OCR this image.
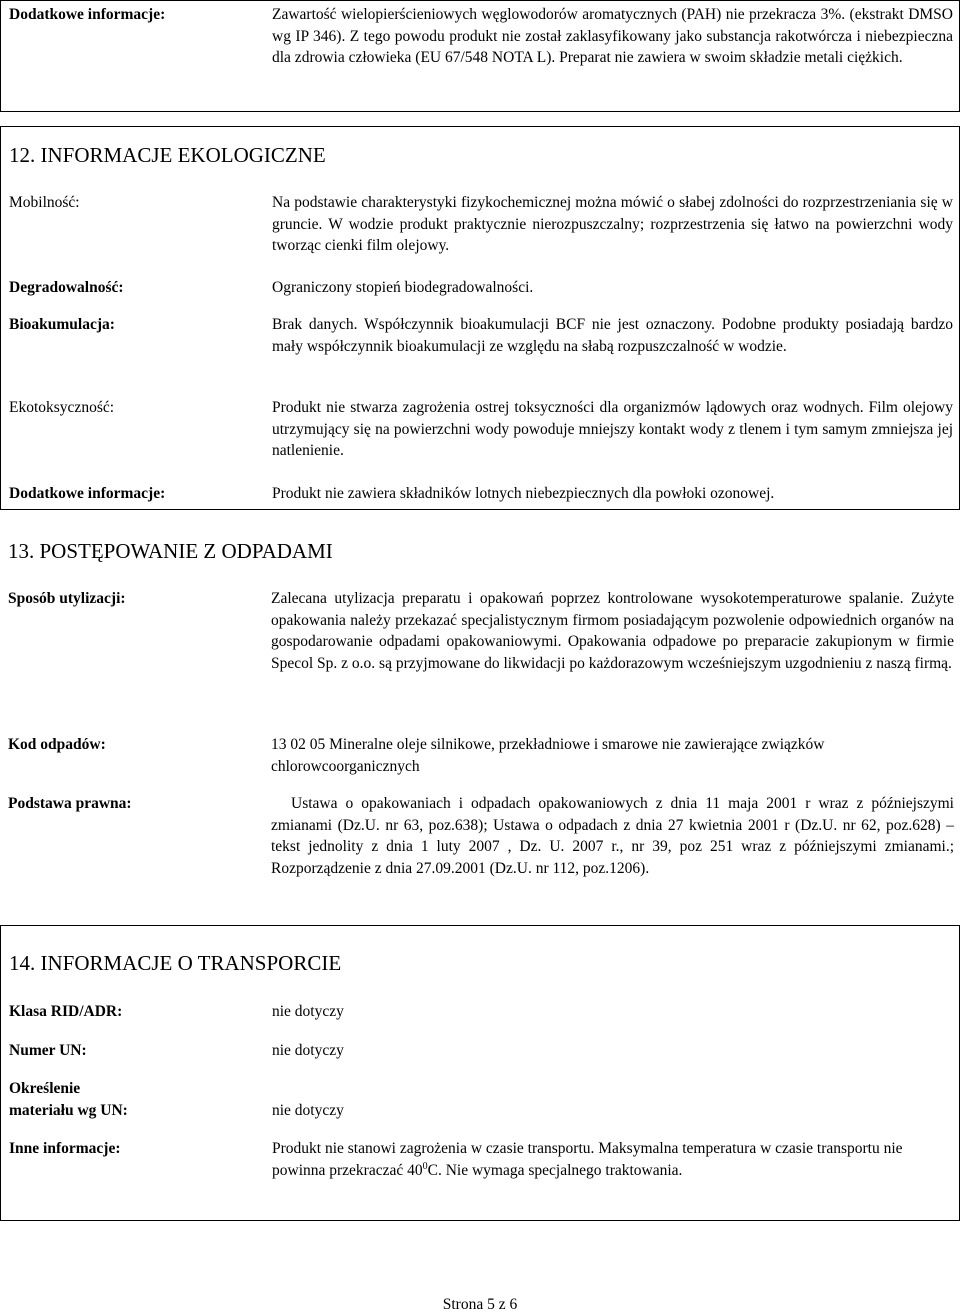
Dodatkowe informacje:	Zawartość wielopierścieniowych węglowodorów aromatycznych (PAH) nie przekracza 3%. (ekstrakt DMSO wg IP 346). Z tego powodu produkt nie został zaklasyfikowany jako substancja rakotwórcza i niebezpieczna dla zdrowia człowieka (EU 67/548 NOTA L). Preparat nie zawiera w swoim składzie metali ciężkich.
12. INFORMACJE EKOLOGICZNE
Mobilność:	Na podstawie charakterystyki fizykochemicznej można mówić o słabej zdolności do rozprzestrzeniania się w gruncie. W wodzie produkt praktycznie nierozpuszczalny; rozprzestrzenia się łatwo na powierzchni wody tworząc cienki film olejowy.
Degradowalność:	Ograniczony stopień biodegradowalności.
Bioakumulacja:	Brak danych. Współczynnik bioakumulacji BCF nie jest oznaczony. Podobne produkty posiadają bardzo mały współczynnik bioakumulacji ze względu na słabą rozpuszczalność w wodzie.
Ekotoksyczność:	Produkt nie stwarza zagrożenia ostrej toksyczności dla organizmów lądowych oraz wodnych. Film olejowy utrzymujący się na powierzchni wody powoduje mniejszy kontakt wody z tlenem i tym samym zmniejsza jej natlenienie.
Dodatkowe informacje:	Produkt nie zawiera składników lotnych niebezpiecznych dla powłoki ozonowej.
13. POSTĘPOWANIE Z ODPADAMI
Sposób utylizacji:	Zalecana utylizacja preparatu i opakowań poprzez kontrolowane wysokotemperaturowe spalanie. Zużyte opakowania należy przekazać specjalistycznym firmom posiadającym pozwolenie odpowiednich organów na gospodarowanie odpadami opakowaniowymi. Opakowania odpadowe po preparacie zakupionym w firmie Specol Sp. z o.o. są przyjmowane do likwidacji po każdorazowym wcześniejszym uzgodnieniu z naszą firmą.
Kod odpadów:	13 02 05 Mineralne oleje silnikowe, przekładniowe i smarowe nie zawierające związków chlorowcoorganicznych
Podstawa prawna:	Ustawa o opakowaniach i odpadach opakowaniowych z dnia 11 maja 2001 r wraz z późniejszymi zmianami (Dz.U. nr 63, poz.638); Ustawa o odpadach z dnia 27 kwietnia 2001 r (Dz.U. nr 62, poz.628) – tekst jednolity z dnia 1 luty 2007 , Dz. U. 2007 r., nr 39, poz 251 wraz z późniejszymi zmianami.; Rozporządzenie z dnia 27.09.2001 (Dz.U. nr 112, poz.1206).
14. INFORMACJE O TRANSPORCIE
Klasa RID/ADR:	nie dotyczy
Numer UN:	nie dotyczy
Określenie
materiału wg UN:	nie dotyczy
Inne informacje:	Produkt nie stanowi zagrożenia w czasie transportu. Maksymalna temperatura w czasie transportu nie powinna przekraczać $40^0C$. Nie wymaga specjalnego traktowania.
Strona 5 z 6
